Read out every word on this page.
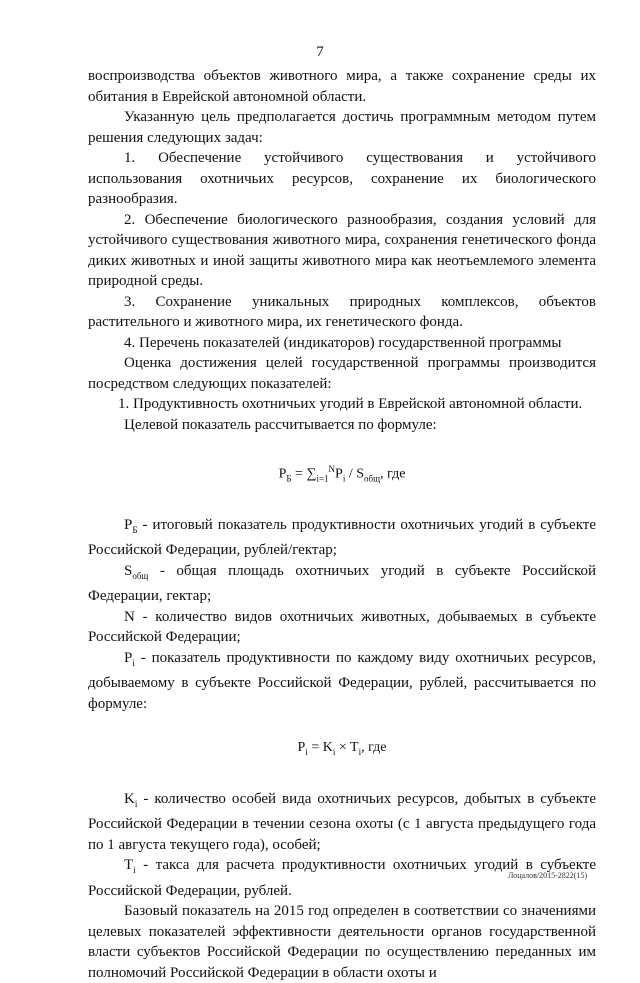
7

воспроизводства объектов животного мира, а также сохранение среды их обитания в Еврейской автономной области.

Указанную цель предполагается достичь программным методом путем решения следующих задач:

1. Обеспечение устойчивого существования и устойчивого использования охотничьих ресурсов, сохранение их биологического разнообразия.

2. Обеспечение биологического разнообразия, создания условий для устойчивого существования животного мира, сохранения генетического фонда диких животных и иной защиты животного мира как неотъемлемого элемента природной среды.

3. Сохранение уникальных природных комплексов, объектов растительного и животного мира, их генетического фонда.

4. Перечень показателей (индикаторов) государственной программы

Оценка достижения целей государственной программы производится посредством следующих показателей:

1. Продуктивность охотничьих угодий в Еврейской автономной области.

Целевой показатель рассчитывается по формуле:

$P_Б = \sum_{i=1}^NP_i / S_{общ}$, где

$P_Б$ - итоговый показатель продуктивности охотничьих угодий в субъекте Российской Федерации, рублей/гектар;

$S_{общ}$ - общая площадь охотничьих угодий в субъекте Российской Федерации, гектар;

N - количество видов охотничьих животных, добываемых в субъекте Российской Федерации;

$P_i$ - показатель продуктивности по каждому виду охотничьих ресурсов, добываемому в субъекте Российской Федерации, рублей, рассчитывается по формуле:

$P_i = K_i \times T_i$, где

$K_i$ - количество особей вида охотничьих ресурсов, добытых в субъекте Российской Федерации в течении сезона охоты (с 1 августа предыдущего года по 1 августа текущего года), особей;

$T_i$ - такса для расчета продуктивности охотничьих угодий в субъекте Российской Федерации, рублей.

Базовый показатель на 2015 год определен в соответствии со значениями целевых показателей эффективности деятельности органов государственной власти субъектов Российской Федерации по осуществлению переданных им полномочий Российской Федерации в области охоты и

Лоцалов/2015-2822(15)
